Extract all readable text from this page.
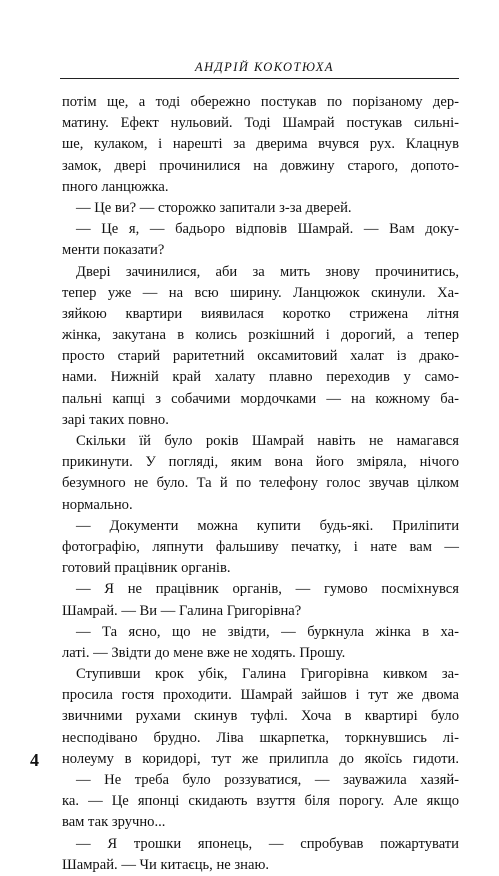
АНДРІЙ КОКОТЮХА
потім ще, а тоді обережно постукав по порізаному дер-
матину. Ефект нульовий. Тоді Шамрай постукав сильні-
ше, кулаком, і нарешті за дверима вчувся рух. Клацнув
замок, двері прочинилися на довжину старого, допото-
пного ланцюжка.
— Це ви? — сторожко запитали з-за дверей.
— Це я, — бадьоро відповів Шамрай. — Вам доку-
менти показати?
Двері зачинилися, аби за мить знову прочинитись,
тепер уже — на всю ширину. Ланцюжок скинули. Ха-
зяйкою квартири виявилася коротко стрижена літня
жінка, закутана в колись розкішний і дорогий, а тепер
просто старий раритетний оксамитовий халат із драко-
нами. Нижній край халату плавно переходив у само-
пальні капці з собачими мордочками — на кожному ба-
зарі таких повно.
Скільки їй було років Шамрай навіть не намагався
прикинути. У погляді, яким вона його зміряла, нічого
безумного не було. Та й по телефону голос звучав цілком
нормально.
— Документи можна купити будь-які. Приліпити
фотографію, ляпнути фальшиву печатку, і нате вам —
готовий працівник органів.
— Я не працівник органів, — гумово посміхнувся
Шамрай. — Ви — Галина Григорівна?
— Та ясно, що не звідти, — буркнула жінка в ха-
латі. — Звідти до мене вже не ходять. Прошу.
Ступивши крок убік, Галина Григорівна кивком за-
просила гостя проходити. Шамрай зайшов і тут же двома
звичними рухами скинув туфлі. Хоча в квартирі було
несподівано брудно. Ліва шкарпетка, торкнувшись лі-
нолеуму в коридорі, тут же прилипла до якоїсь гидоти.
— Не треба було роззуватися, — зауважила хазяй-
ка. — Це японці скидають взуття біля порогу. Але якщо
вам так зручно...
— Я трошки японець, — спробував пожартувати
Шамрай. — Чи китаєць, не знаю.
4
